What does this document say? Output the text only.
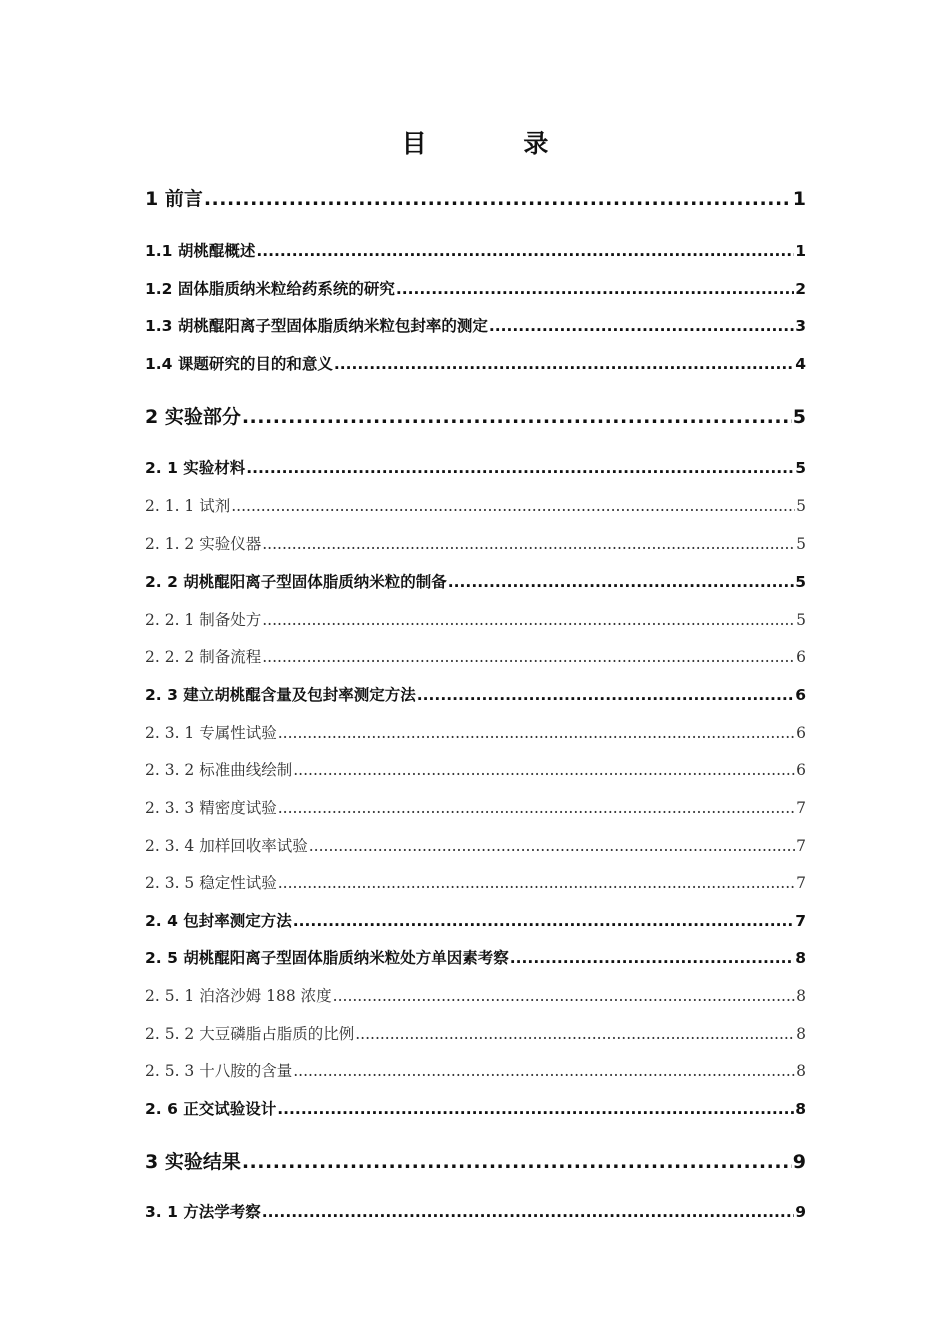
目 录
1 前言 .....	1
1.1 胡桃醌概述 .....	1
1.2 固体脂质纳米粒给药系统的研究 .....	2
1.3 胡桃醌阳离子型固体脂质纳米粒包封率的测定 .....	3
1.4 课题研究的目的和意义 .....	4
2 实验部分 .....	5
2. 1 实验材料 .....	5
2. 1. 1 试剂 .....	5
2. 1. 2 实验仪器 .....	5
2. 2 胡桃醌阳离子型固体脂质纳米粒的制备 .....	5
2. 2. 1 制备处方 .....	5
2. 2. 2 制备流程 .....	6
2. 3 建立胡桃醌含量及包封率测定方法 .....	6
2. 3. 1 专属性试验 .....	6
2. 3. 2 标准曲线绘制 .....	6
2. 3. 3 精密度试验 .....	7
2. 3. 4 加样回收率试验 .....	7
2. 3. 5 稳定性试验 .....	7
2. 4 包封率测定方法 .....	7
2. 5 胡桃醌阳离子型固体脂质纳米粒处方单因素考察 .....	8
2. 5. 1 泊洛沙姆 188 浓度 .....	8
2. 5. 2 大豆磷脂占脂质的比例 .....	8
2. 5. 3 十八胺的含量 .....	8
2. 6 正交试验设计 .....	8
3 实验结果 .....	9
3. 1 方法学考察 .....	9
